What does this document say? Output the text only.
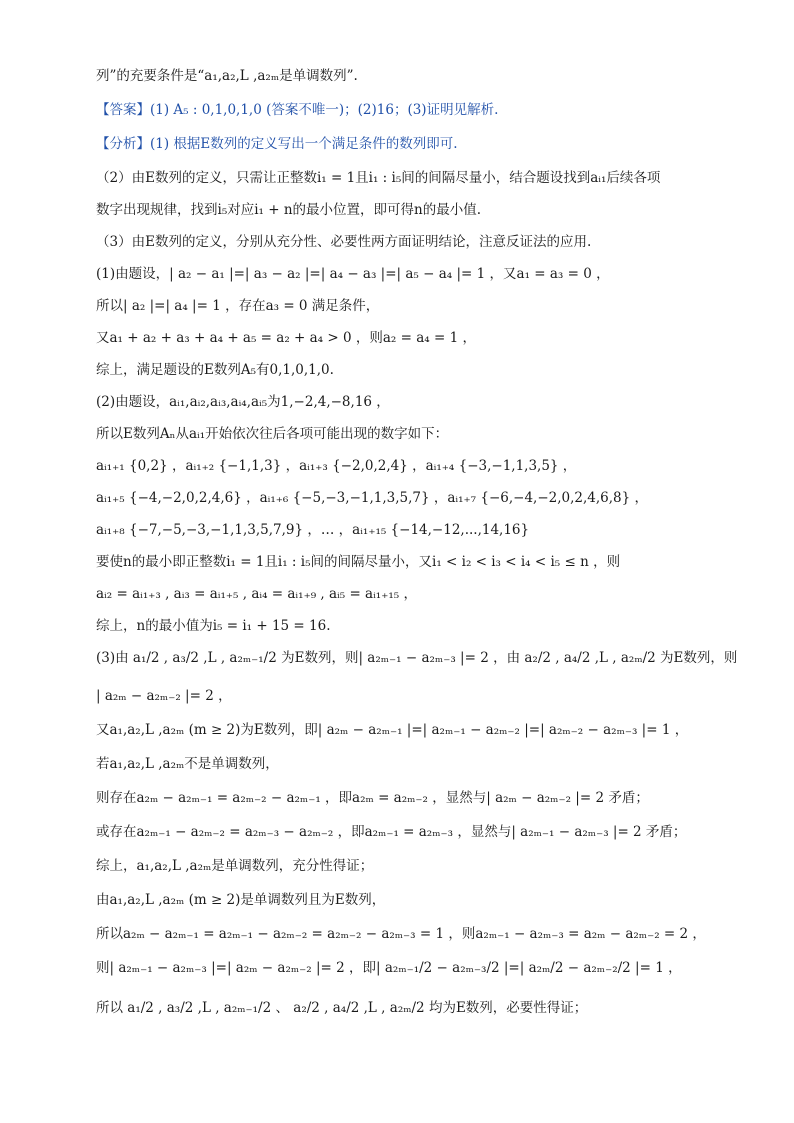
列”的充要条件是“a₁,a₂,L ,a₂ₘ是单调数列”.
【答案】 (1) A₅ : 0,1,0,1,0 (答案不唯一)；(2)16；(3)证明见解析.
【分析】 (1) 根据E数列的定义写出一个满足条件的数列即可.
（2）由E数列的定义，只需让正整数i₁ = 1且i₁ : i₅间的间隔尽量小，结合题设找到aᵢ₁后续各项
数字出现规律，找到i₅对应i₁ + n的最小位置，即可得n的最小值.
（3）由E数列的定义，分别从充分性、必要性两方面证明结论，注意反证法的应用.
(1)由题设，| a₂ − a₁ |=| a₃ − a₂ |=| a₄ − a₃ |=| a₅ − a₄ |= 1 ，又a₁ = a₃ = 0 ，
所以| a₂ |=| a₄ |= 1 ，存在a₃ = 0 满足条件，
又a₁ + a₂ + a₃ + a₄ + a₅ = a₂ + a₄ > 0 ，则a₂ = a₄ = 1 ，
综上，满足题设的E数列A₅有0,1,0,1,0.
(2)由题设，aᵢ₁,aᵢ₂,aᵢ₃,aᵢ₄,aᵢ₅为1,−2,4,−8,16 ，
所以E数列Aₙ从aᵢ₁开始依次往后各项可能出现的数字如下：
aᵢ₁₊₁ {0,2} ，aᵢ₁₊₂ {−1,1,3} ，aᵢ₁₊₃ {−2,0,2,4} ，aᵢ₁₊₄ {−3,−1,1,3,5} ，
aᵢ₁₊₅ {−4,−2,0,2,4,6} ，aᵢ₁₊₆ {−5,−3,−1,1,3,5,7} ，aᵢ₁₊₇ {−6,−4,−2,0,2,4,6,8} ，
aᵢ₁₊₈ {−7,−5,−3,−1,1,3,5,7,9} ，… ，aᵢ₁₊₁₅ {−14,−12,...,14,16}
要使n的最小即正整数i₁ = 1且i₁ : i₅间的间隔尽量小，又i₁ < i₂ < i₃ < i₄ < i₅ ≤ n ，则
aᵢ₂ = aᵢ₁₊₃ , aᵢ₃ = aᵢ₁₊₅ , aᵢ₄ = aᵢ₁₊₉ , aᵢ₅ = aᵢ₁₊₁₅ ，
综上，n的最小值为i₅ = i₁ + 15 = 16.
(3)由 a₁/2 , a₃/2 ,L , a₂ₘ₋₁/2 为E数列，则| a₂ₘ₋₁ − a₂ₘ₋₃ |= 2 ，由 a₂/2 , a₄/2 ,L , a₂ₘ/2 为E数列，则
| a₂ₘ − a₂ₘ₋₂ |= 2 ，
又a₁,a₂,L ,a₂ₘ (m ≥ 2)为E数列，即| a₂ₘ − a₂ₘ₋₁ |=| a₂ₘ₋₁ − a₂ₘ₋₂ |=| a₂ₘ₋₂ − a₂ₘ₋₃ |= 1 ，
若a₁,a₂,L ,a₂ₘ不是单调数列，
则存在a₂ₘ − a₂ₘ₋₁ = a₂ₘ₋₂ − a₂ₘ₋₁ ，即a₂ₘ = a₂ₘ₋₂ ，显然与| a₂ₘ − a₂ₘ₋₂ |= 2 矛盾；
或存在a₂ₘ₋₁ − a₂ₘ₋₂ = a₂ₘ₋₃ − a₂ₘ₋₂ ，即a₂ₘ₋₁ = a₂ₘ₋₃ ，显然与| a₂ₘ₋₁ − a₂ₘ₋₃ |= 2 矛盾；
综上，a₁,a₂,L ,a₂ₘ是单调数列，充分性得证；
由a₁,a₂,L ,a₂ₘ (m ≥ 2)是单调数列且为E数列，
所以a₂ₘ − a₂ₘ₋₁ = a₂ₘ₋₁ − a₂ₘ₋₂ = a₂ₘ₋₂ − a₂ₘ₋₃ = 1 ，则a₂ₘ₋₁ − a₂ₘ₋₃ = a₂ₘ − a₂ₘ₋₂ = 2 ，
则| a₂ₘ₋₁ − a₂ₘ₋₃ |=| a₂ₘ − a₂ₘ₋₂ |= 2 ，即| a₂ₘ₋₁/2 − a₂ₘ₋₃/2 |=| a₂ₘ/2 − a₂ₘ₋₂/2 |= 1 ，
所以 a₁/2 , a₃/2 ,L , a₂ₘ₋₁/2 、 a₂/2 , a₄/2 ,L , a₂ₘ/2 均为E数列，必要性得证；
